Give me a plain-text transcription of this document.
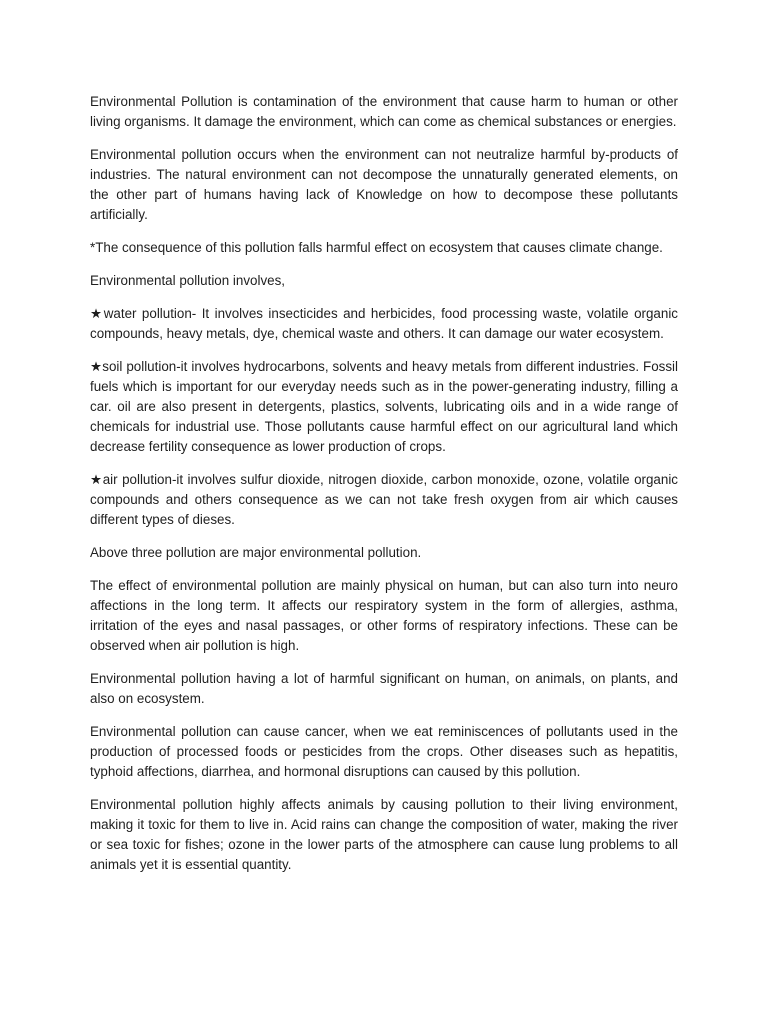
Environmental Pollution is contamination of the environment that cause harm to human or other living organisms. It damage the environment, which can come as chemical substances or energies.

Environmental pollution occurs when the environment can not neutralize harmful by-products of industries. The natural environment can not decompose the unnaturally generated elements, on the other part of humans having lack of Knowledge on how to decompose these pollutants artificially.

*The consequence of this pollution falls harmful effect on ecosystem that causes climate change.

Environmental pollution involves,

★water pollution- It involves insecticides and herbicides, food processing waste, volatile organic compounds, heavy metals, dye, chemical waste and others. It can damage our water ecosystem.

★soil pollution-it involves hydrocarbons, solvents and heavy metals from different industries. Fossil fuels which is important for our everyday needs such as in the power-generating industry, filling a car. oil are also present in detergents, plastics, solvents, lubricating oils and in a wide range of chemicals for industrial use. Those pollutants cause harmful effect on our agricultural land which decrease fertility consequence as lower production of crops.

★air pollution-it involves sulfur dioxide, nitrogen dioxide, carbon monoxide, ozone, volatile organic compounds and others consequence as we can not take fresh oxygen from air which causes different types of dieses.

Above three pollution are major environmental pollution.

The effect of environmental pollution are mainly physical on human, but can also turn into neuro affections in the long term. It affects our respiratory system in the form of allergies, asthma, irritation of the eyes and nasal passages, or other forms of respiratory infections. These can be observed when air pollution is high.

Environmental pollution having a lot of harmful significant on human, on animals, on plants, and also on ecosystem.

Environmental pollution can cause cancer, when we eat reminiscences of pollutants used in the production of processed foods or pesticides from the crops. Other diseases such as hepatitis, typhoid affections, diarrhea, and hormonal disruptions can caused by this pollution.

Environmental pollution highly affects animals by causing pollution to their living environment, making it toxic for them to live in. Acid rains can change the composition of water, making the river or sea toxic for fishes; ozone in the lower parts of the atmosphere can cause lung problems to all animals yet it is essential quantity.
